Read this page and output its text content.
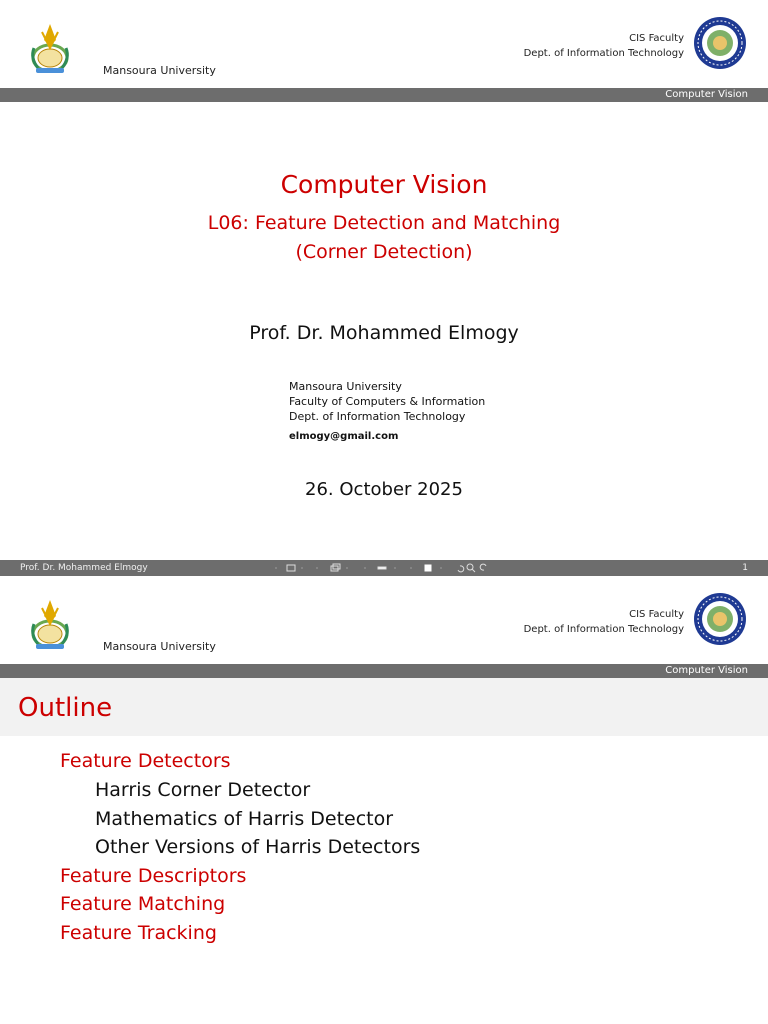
Mansoura University
CIS Faculty
Dept. of Information Technology
Computer Vision
Computer Vision
L06: Feature Detection and Matching
(Corner Detection)
Prof. Dr. Mohammed Elmogy
Mansoura University
Faculty of Computers & Information
Dept. of Information Technology
elmogy@gmail.com
26. October 2025
Prof. Dr. Mohammed Elmogy	1
Mansoura University
CIS Faculty
Dept. of Information Technology
Computer Vision
Outline
Feature Detectors
Harris Corner Detector
Mathematics of Harris Detector
Other Versions of Harris Detectors
Feature Descriptors
Feature Matching
Feature Tracking
